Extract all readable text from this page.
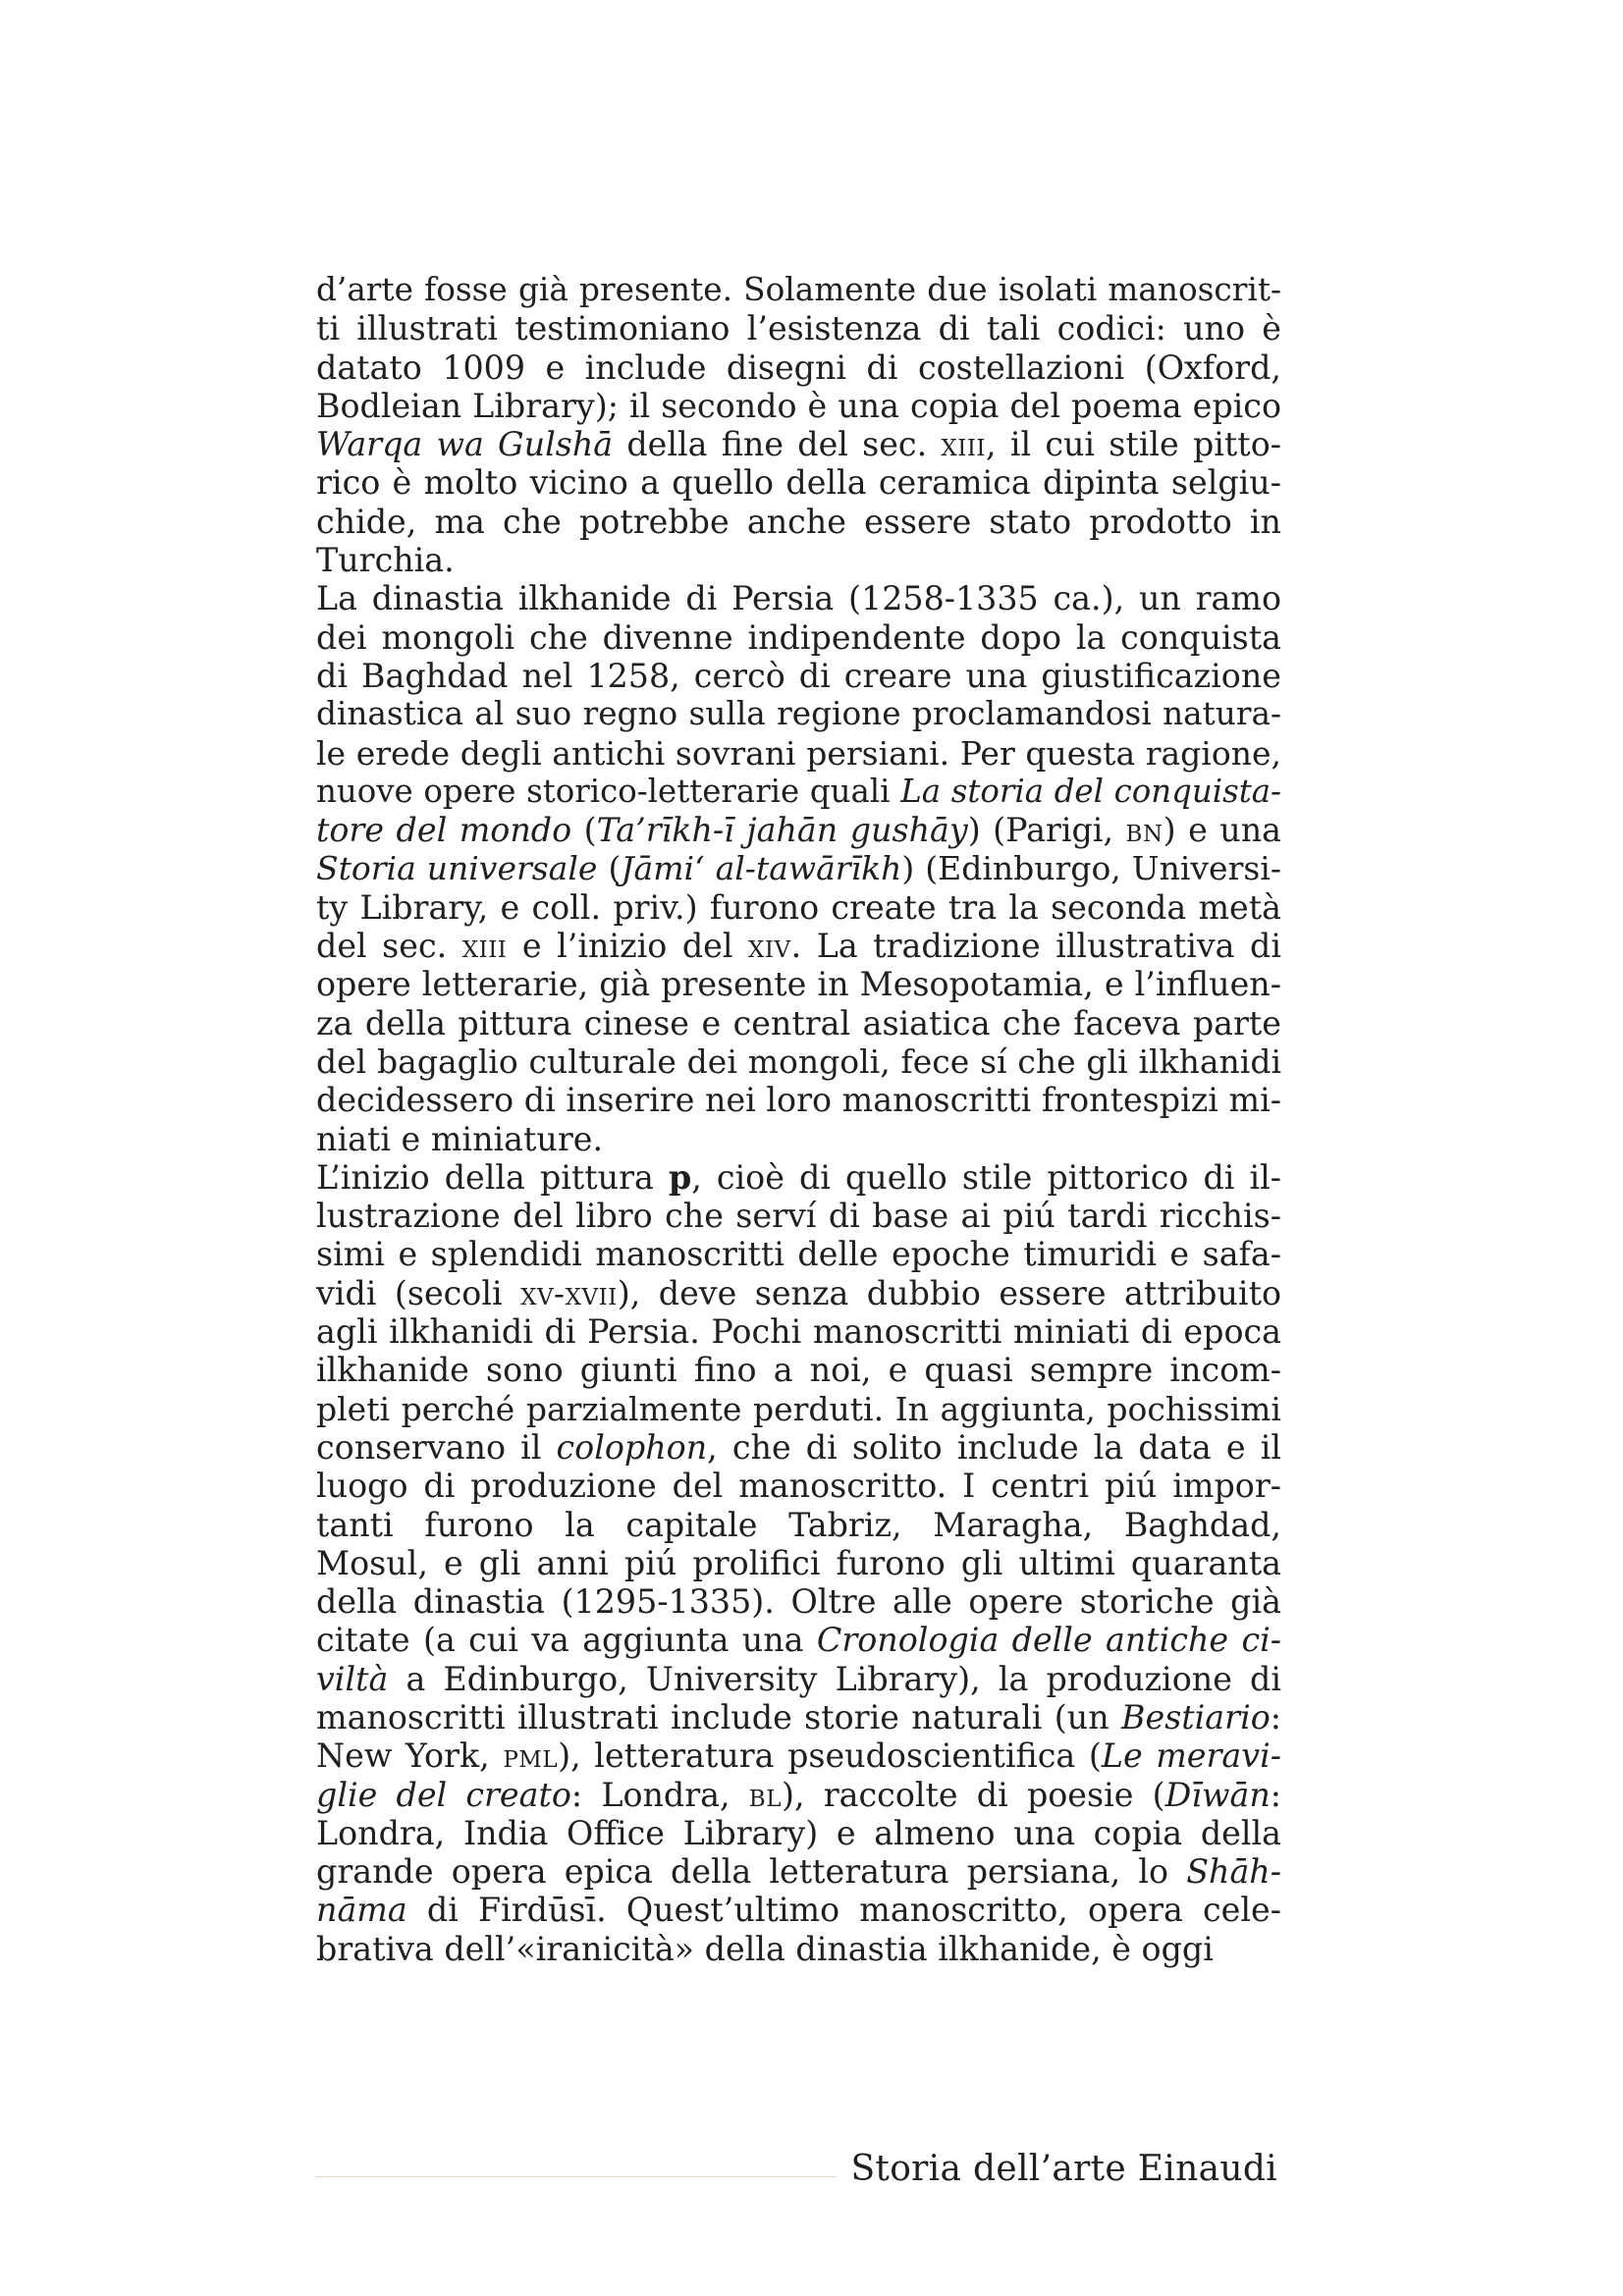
d’arte fosse già presente. Solamente due isolati manoscrit-
ti illustrati testimoniano l’esistenza di tali codici: uno è
datato 1009 e include disegni di costellazioni (Oxford,
Bodleian Library); il secondo è una copia del poema epico
Warqa wa Gulshā della fine del sec. xiii, il cui stile pitto-
rico è molto vicino a quello della ceramica dipinta selgiu-
chide, ma che potrebbe anche essere stato prodotto in
Turchia.

La dinastia ilkhanide di Persia (1258-1335 ca.), un ramo
dei mongoli che divenne indipendente dopo la conquista
di Baghdad nel 1258, cercò di creare una giustificazione
dinastica al suo regno sulla regione proclamandosi natura-
le erede degli antichi sovrani persiani. Per questa ragione,
nuove opere storico-letterarie quali La storia del conquista-
tore del mondo (Ta’rīkh-ī jahān gushāy) (Parigi, bn) e una
Storia universale (Jāmi‘ al-tawārīkh) (Edinburgo, Universi-
ty Library, e coll. priv.) furono create tra la seconda metà
del sec. xiii e l’inizio del xiv. La tradizione illustrativa di
opere letterarie, già presente in Mesopotamia, e l’influen-
za della pittura cinese e central asiatica che faceva parte
del bagaglio culturale dei mongoli, fece sí che gli ilkhanidi
decidessero di inserire nei loro manoscritti frontespizi mi-
niati e miniature.

L’inizio della pittura p, cioè di quello stile pittorico di il-
lustrazione del libro che serví di base ai piú tardi ricchis-
simi e splendidi manoscritti delle epoche timuridi e safa-
vidi (secoli xv-xvii), deve senza dubbio essere attribuito
agli ilkhanidi di Persia. Pochi manoscritti miniati di epoca
ilkhanide sono giunti fino a noi, e quasi sempre incom-
pleti perché parzialmente perduti. In aggiunta, pochissimi
conservano il colophon, che di solito include la data e il
luogo di produzione del manoscritto. I centri piú impor-
tanti furono la capitale Tabriz, Maragha, Baghdad,
Mosul, e gli anni piú prolifici furono gli ultimi quaranta
della dinastia (1295-1335). Oltre alle opere storiche già
citate (a cui va aggiunta una Cronologia delle antiche ci-
viltà a Edinburgo, University Library), la produzione di
manoscritti illustrati include storie naturali (un Bestiario:
New York, pml), letteratura pseudoscientifica (Le meravi-
glie del creato: Londra, bl), raccolte di poesie (Dīwān:
Londra, India Office Library) e almeno una copia della
grande opera epica della letteratura persiana, lo Shāh-
nāma di Firdūsī. Quest’ultimo manoscritto, opera cele-
brativa dell’«iranicità» della dinastia ilkhanide, è oggi

Storia dell’arte Einaudi
